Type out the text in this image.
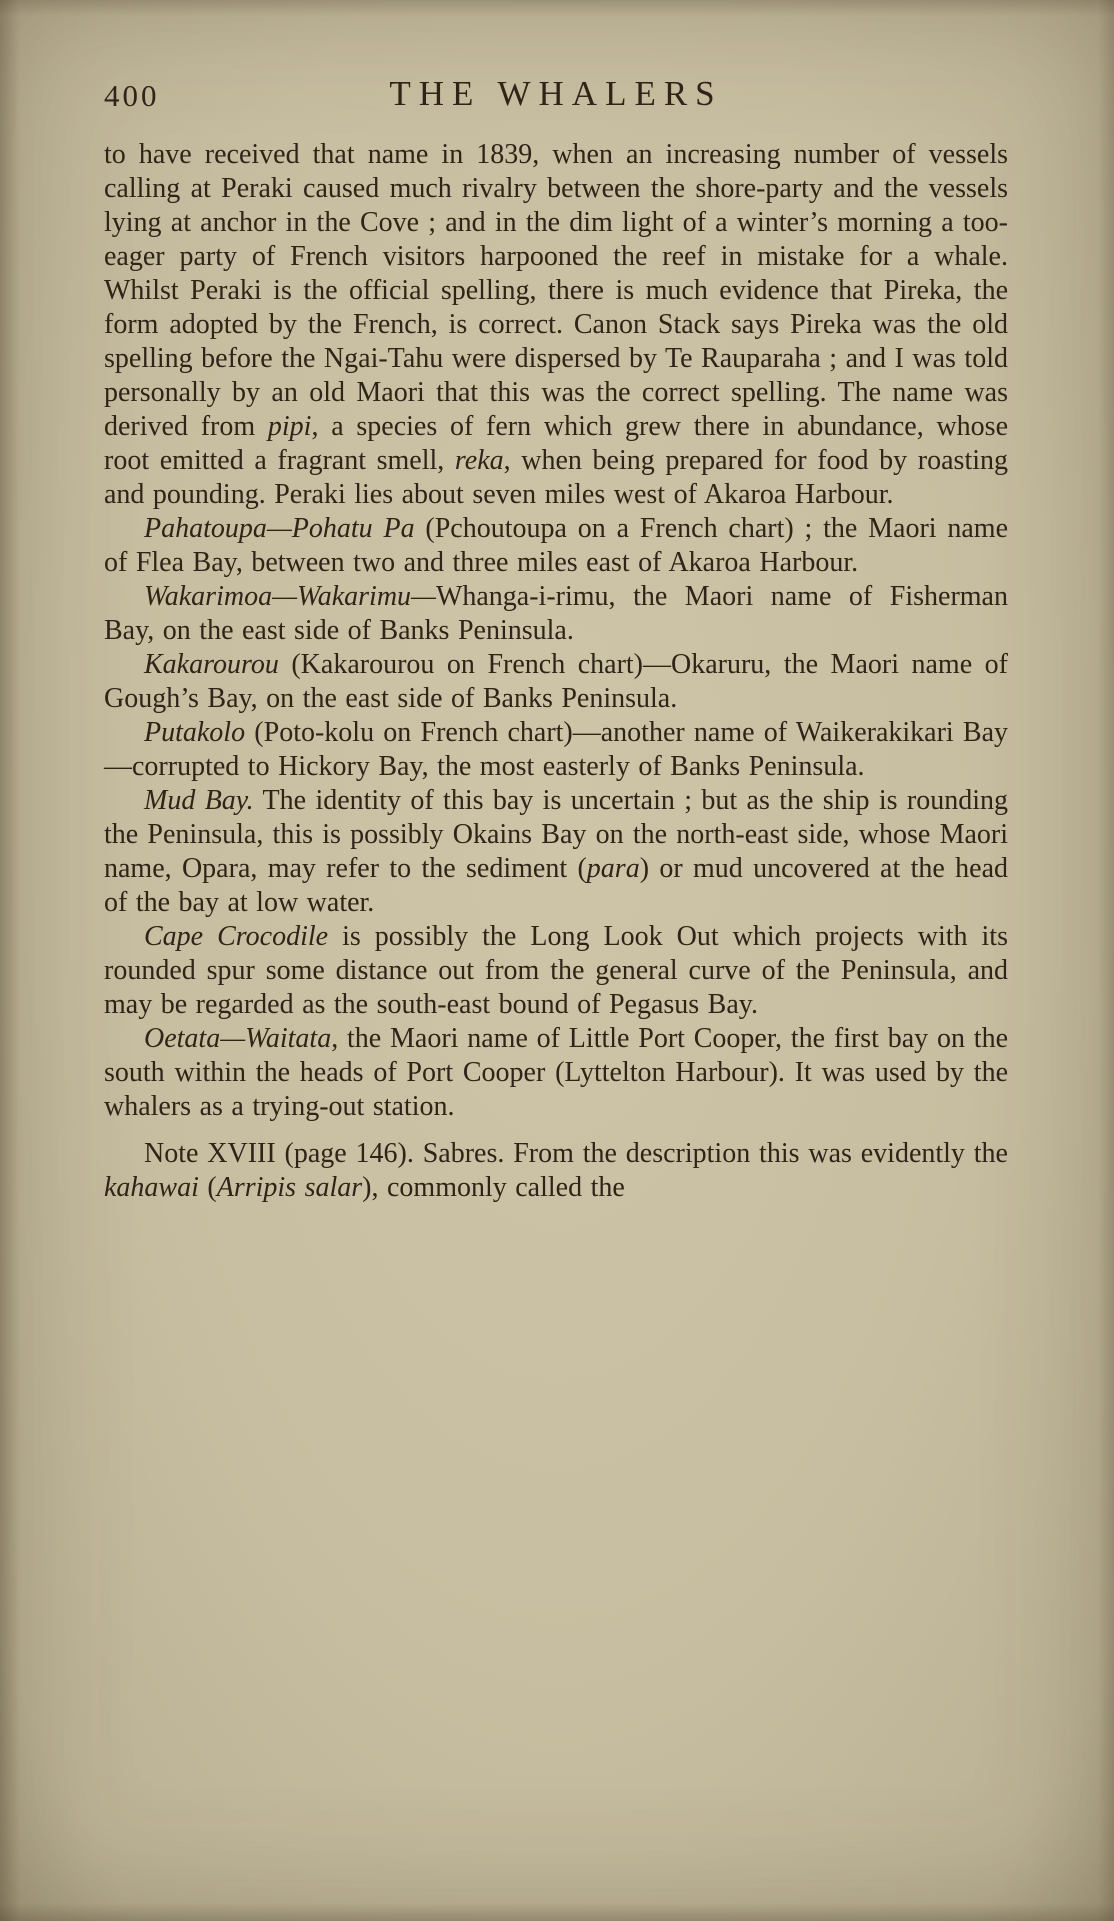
400	THE WHALERS

to have received that name in 1839, when an increasing number of vessels calling at Peraki caused much rivalry between the shore-party and the vessels lying at anchor in the Cove ; and in the dim light of a winter’s morning a too-eager party of French visitors harpooned the reef in mistake for a whale. Whilst Peraki is the official spelling, there is much evidence that Pireka, the form adopted by the French, is correct. Canon Stack says Pireka was the old spelling before the Ngai-Tahu were dispersed by Te Rauparaha ; and I was told personally by an old Maori that this was the correct spelling. The name was derived from pipi, a species of fern which grew there in abundance, whose root emitted a fragrant smell, reka, when being prepared for food by roasting and pounding. Peraki lies about seven miles west of Akaroa Harbour.

Pahatoupa—Pohatu Pa (Pchoutoupa on a French chart) ; the Maori name of Flea Bay, between two and three miles east of Akaroa Harbour.

Wakarimoa—Wakarimu—Whanga-i-rimu, the Maori name of Fisherman Bay, on the east side of Banks Peninsula.

Kakarourou (Kakarourou on French chart)—Okaruru, the Maori name of Gough’s Bay, on the east side of Banks Peninsula.

Putakolo (Poto-kolu on French chart)—another name of Waikerakikari Bay—corrupted to Hickory Bay, the most easterly of Banks Peninsula.

Mud Bay. The identity of this bay is uncertain ; but as the ship is rounding the Peninsula, this is possibly Okains Bay on the north-east side, whose Maori name, Opara, may refer to the sediment (para) or mud uncovered at the head of the bay at low water.

Cape Crocodile is possibly the Long Look Out which projects with its rounded spur some distance out from the general curve of the Peninsula, and may be regarded as the south-east bound of Pegasus Bay.

Oetata—Waitata, the Maori name of Little Port Cooper, the first bay on the south within the heads of Port Cooper (Lyttelton Harbour). It was used by the whalers as a trying-out station.

Note XVIII (page 146). Sabres. From the description this was evidently the kahawai (Arripis salar), commonly called the
